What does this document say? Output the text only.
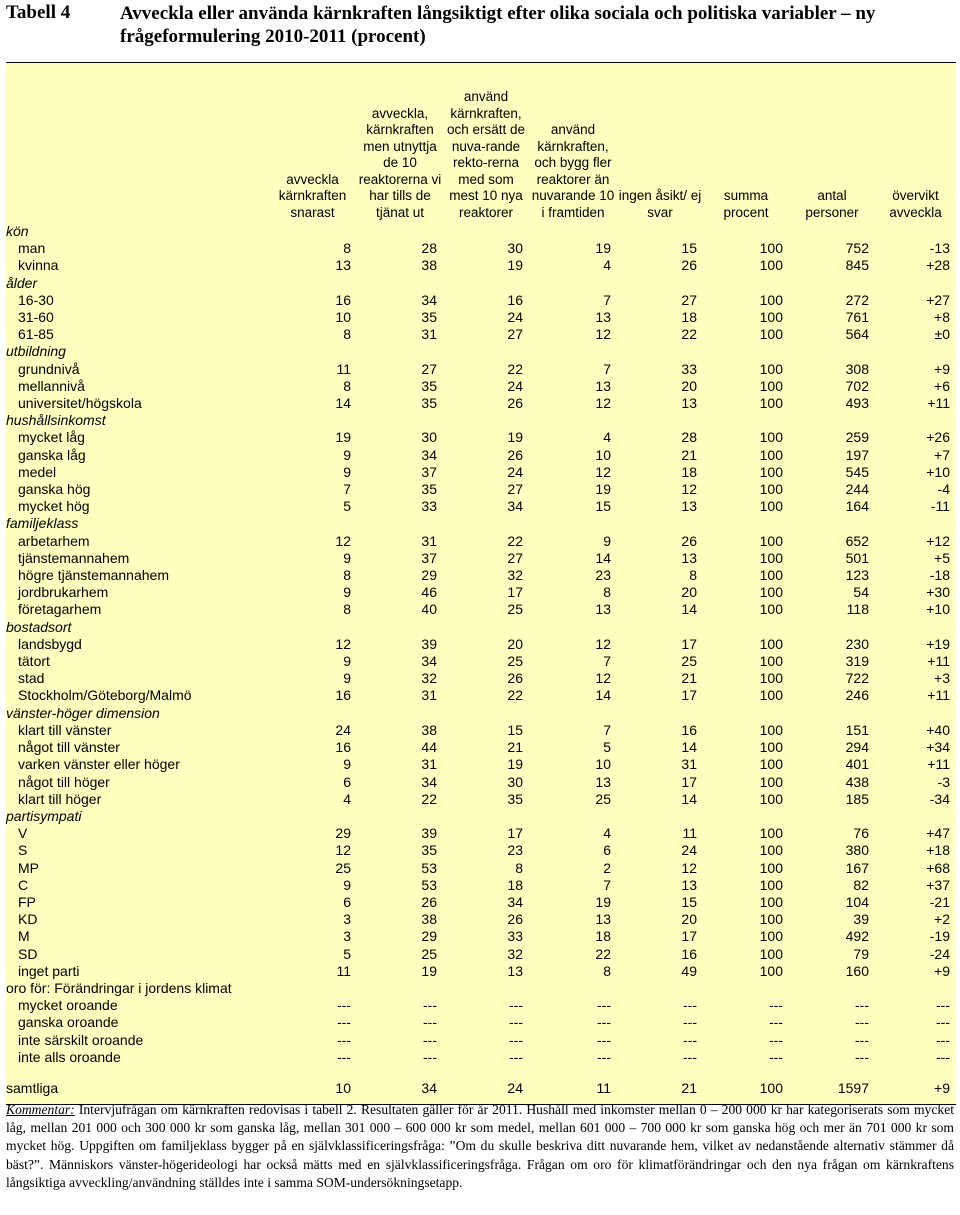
Tabell 4	Avveckla eller använda kärnkraften långsiktigt efter olika sociala och politiska variabler – ny frågeformulering 2010-2011 (procent)
	avveckla kärnkraften snarast	avveckla, kärnkraften men utnyttja de 10 reaktorerna vi har tills de tjänat ut	använd kärnkraften, och ersätt de nuva-rande rekto-rerna med som mest 10 nya reaktorer	använd kärnkraften, och bygg fler reaktorer än nuvarande 10 i framtiden	ingen åsikt/ ej svar	summa procent	antal personer	övervikt avveckla
kön								
man	8	28	30	19	15	100	752	-13
kvinna	13	38	19	4	26	100	845	+28
ålder								
16-30	16	34	16	7	27	100	272	+27
31-60	10	35	24	13	18	100	761	+8
61-85	8	31	27	12	22	100	564	±0
utbildning								
grundnivå	11	27	22	7	33	100	308	+9
mellannivå	8	35	24	13	20	100	702	+6
universitet/högskola	14	35	26	12	13	100	493	+11
hushållsinkomst								
mycket låg	19	30	19	4	28	100	259	+26
ganska låg	9	34	26	10	21	100	197	+7
medel	9	37	24	12	18	100	545	+10
ganska hög	7	35	27	19	12	100	244	-4
mycket hög	5	33	34	15	13	100	164	-11
familjeklass								
arbetarhem	12	31	22	9	26	100	652	+12
tjänstemannahem	9	37	27	14	13	100	501	+5
högre tjänstemannahem	8	29	32	23	8	100	123	-18
jordbrukarhem	9	46	17	8	20	100	54	+30
företagarhem	8	40	25	13	14	100	118	+10
bostadsort								
landsbygd	12	39	20	12	17	100	230	+19
tätort	9	34	25	7	25	100	319	+11
stad	9	32	26	12	21	100	722	+3
Stockholm/Göteborg/Malmö	16	31	22	14	17	100	246	+11
vänster-höger dimension								
klart till vänster	24	38	15	7	16	100	151	+40
något till vänster	16	44	21	5	14	100	294	+34
varken vänster eller höger	9	31	19	10	31	100	401	+11
något till höger	6	34	30	13	17	100	438	-3
klart till höger	4	22	35	25	14	100	185	-34
partisympati								
V	29	39	17	4	11	100	76	+47
S	12	35	23	6	24	100	380	+18
MP	25	53	8	2	12	100	167	+68
C	9	53	18	7	13	100	82	+37
FP	6	26	34	19	15	100	104	-21
KD	3	38	26	13	20	100	39	+2
M	3	29	33	18	17	100	492	-19
SD	5	25	32	22	16	100	79	-24
inget parti	11	19	13	8	49	100	160	+9
oro för: Förändringar i jordens klimat								
mycket oroande	---	---	---	---	---	---	---	---
ganska oroande	---	---	---	---	---	---	---	---
inte särskilt oroande	---	---	---	---	---	---	---	---
inte alls oroande	---	---	---	---	---	---	---	---

samtliga	10	34	24	11	21	100	1597	+9
Kommentar: Intervjufrågan om kärnkraften redovisas i tabell 2. Resultaten gäller för år 2011. Hushåll med inkomster mellan 0 – 200 000 kr har kategoriserats som mycket låg, mellan 201 000 och 300 000 kr som ganska låg, mellan 301 000 – 600 000 kr som medel, mellan 601 000 – 700 000 kr som ganska hög och mer än 701 000 kr som mycket hög. Uppgiften om familjeklass bygger på en självklassificeringsfråga: ”Om du skulle beskriva ditt nuvarande hem, vilket av nedanstående alternativ stämmer då bäst?”. Människors vänster-högerideologi har också mätts med en självklassificeringsfråga. Frågan om oro för klimatförändringar och den nya frågan om kärnkraftens långsiktiga avveckling/användning ställdes inte i samma SOM-undersökningsetapp.
